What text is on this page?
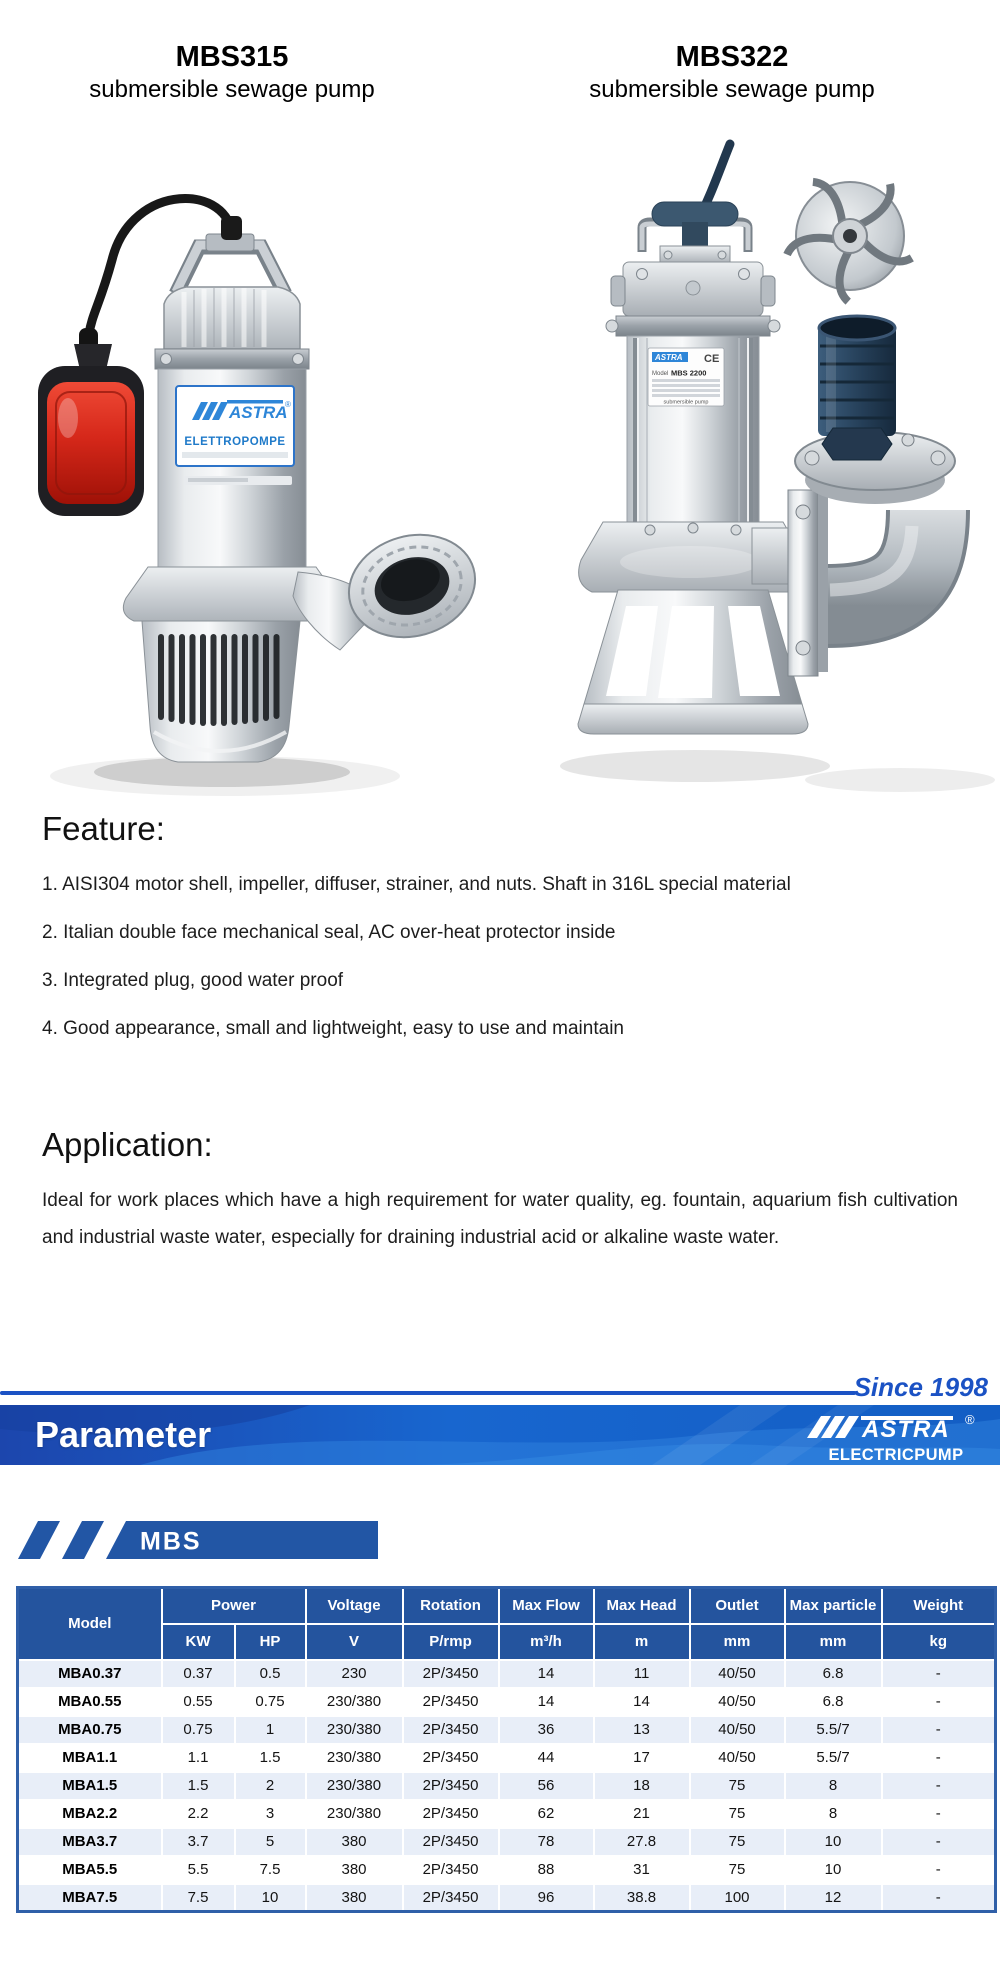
MBS315
submersible sewage pump
MBS322
submersible sewage pump
ASTRA
®
ELETTROPOMPE
ASTRA CE
Model MBS 2200
submersible pump
Feature:

1. AISI304 motor shell, impeller, diffuser, strainer, and nuts. Shaft in 316L special material

2. Italian double face mechanical seal, AC over-heat protector inside

3. Integrated plug, good water proof

4. Good appearance, small and lightweight, easy to use and maintain

Application:

Ideal for work places which have a high requirement for water quality, eg. fountain, aquarium fish cultivation and industrial waste water, especially for draining industrial acid or alkaline waste water.

Since 1998
Parameter	ASTRA ®
ELECTRICPUMP
MBS
Model	Power		Voltage	Rotation	Max Flow	Max Head	Outlet	Max particle	Weight
	KW	HP	V	P/rmp	m³/h	m	mm	mm	kg
MBA0.37	0.37	0.5	230	2P/3450	14	11	40/50	6.8	-
MBA0.55	0.55	0.75	230/380	2P/3450	14	14	40/50	6.8	-
MBA0.75	0.75	1	230/380	2P/3450	36	13	40/50	5.5/7	-
MBA1.1	1.1	1.5	230/380	2P/3450	44	17	40/50	5.5/7	-
MBA1.5	1.5	2	230/380	2P/3450	56	18	75	8	-
MBA2.2	2.2	3	230/380	2P/3450	62	21	75	8	-
MBA3.7	3.7	5	380	2P/3450	78	27.8	75	10	-
MBA5.5	5.5	7.5	380	2P/3450	88	31	75	10	-
MBA7.5	7.5	10	380	2P/3450	96	38.8	100	12	-
